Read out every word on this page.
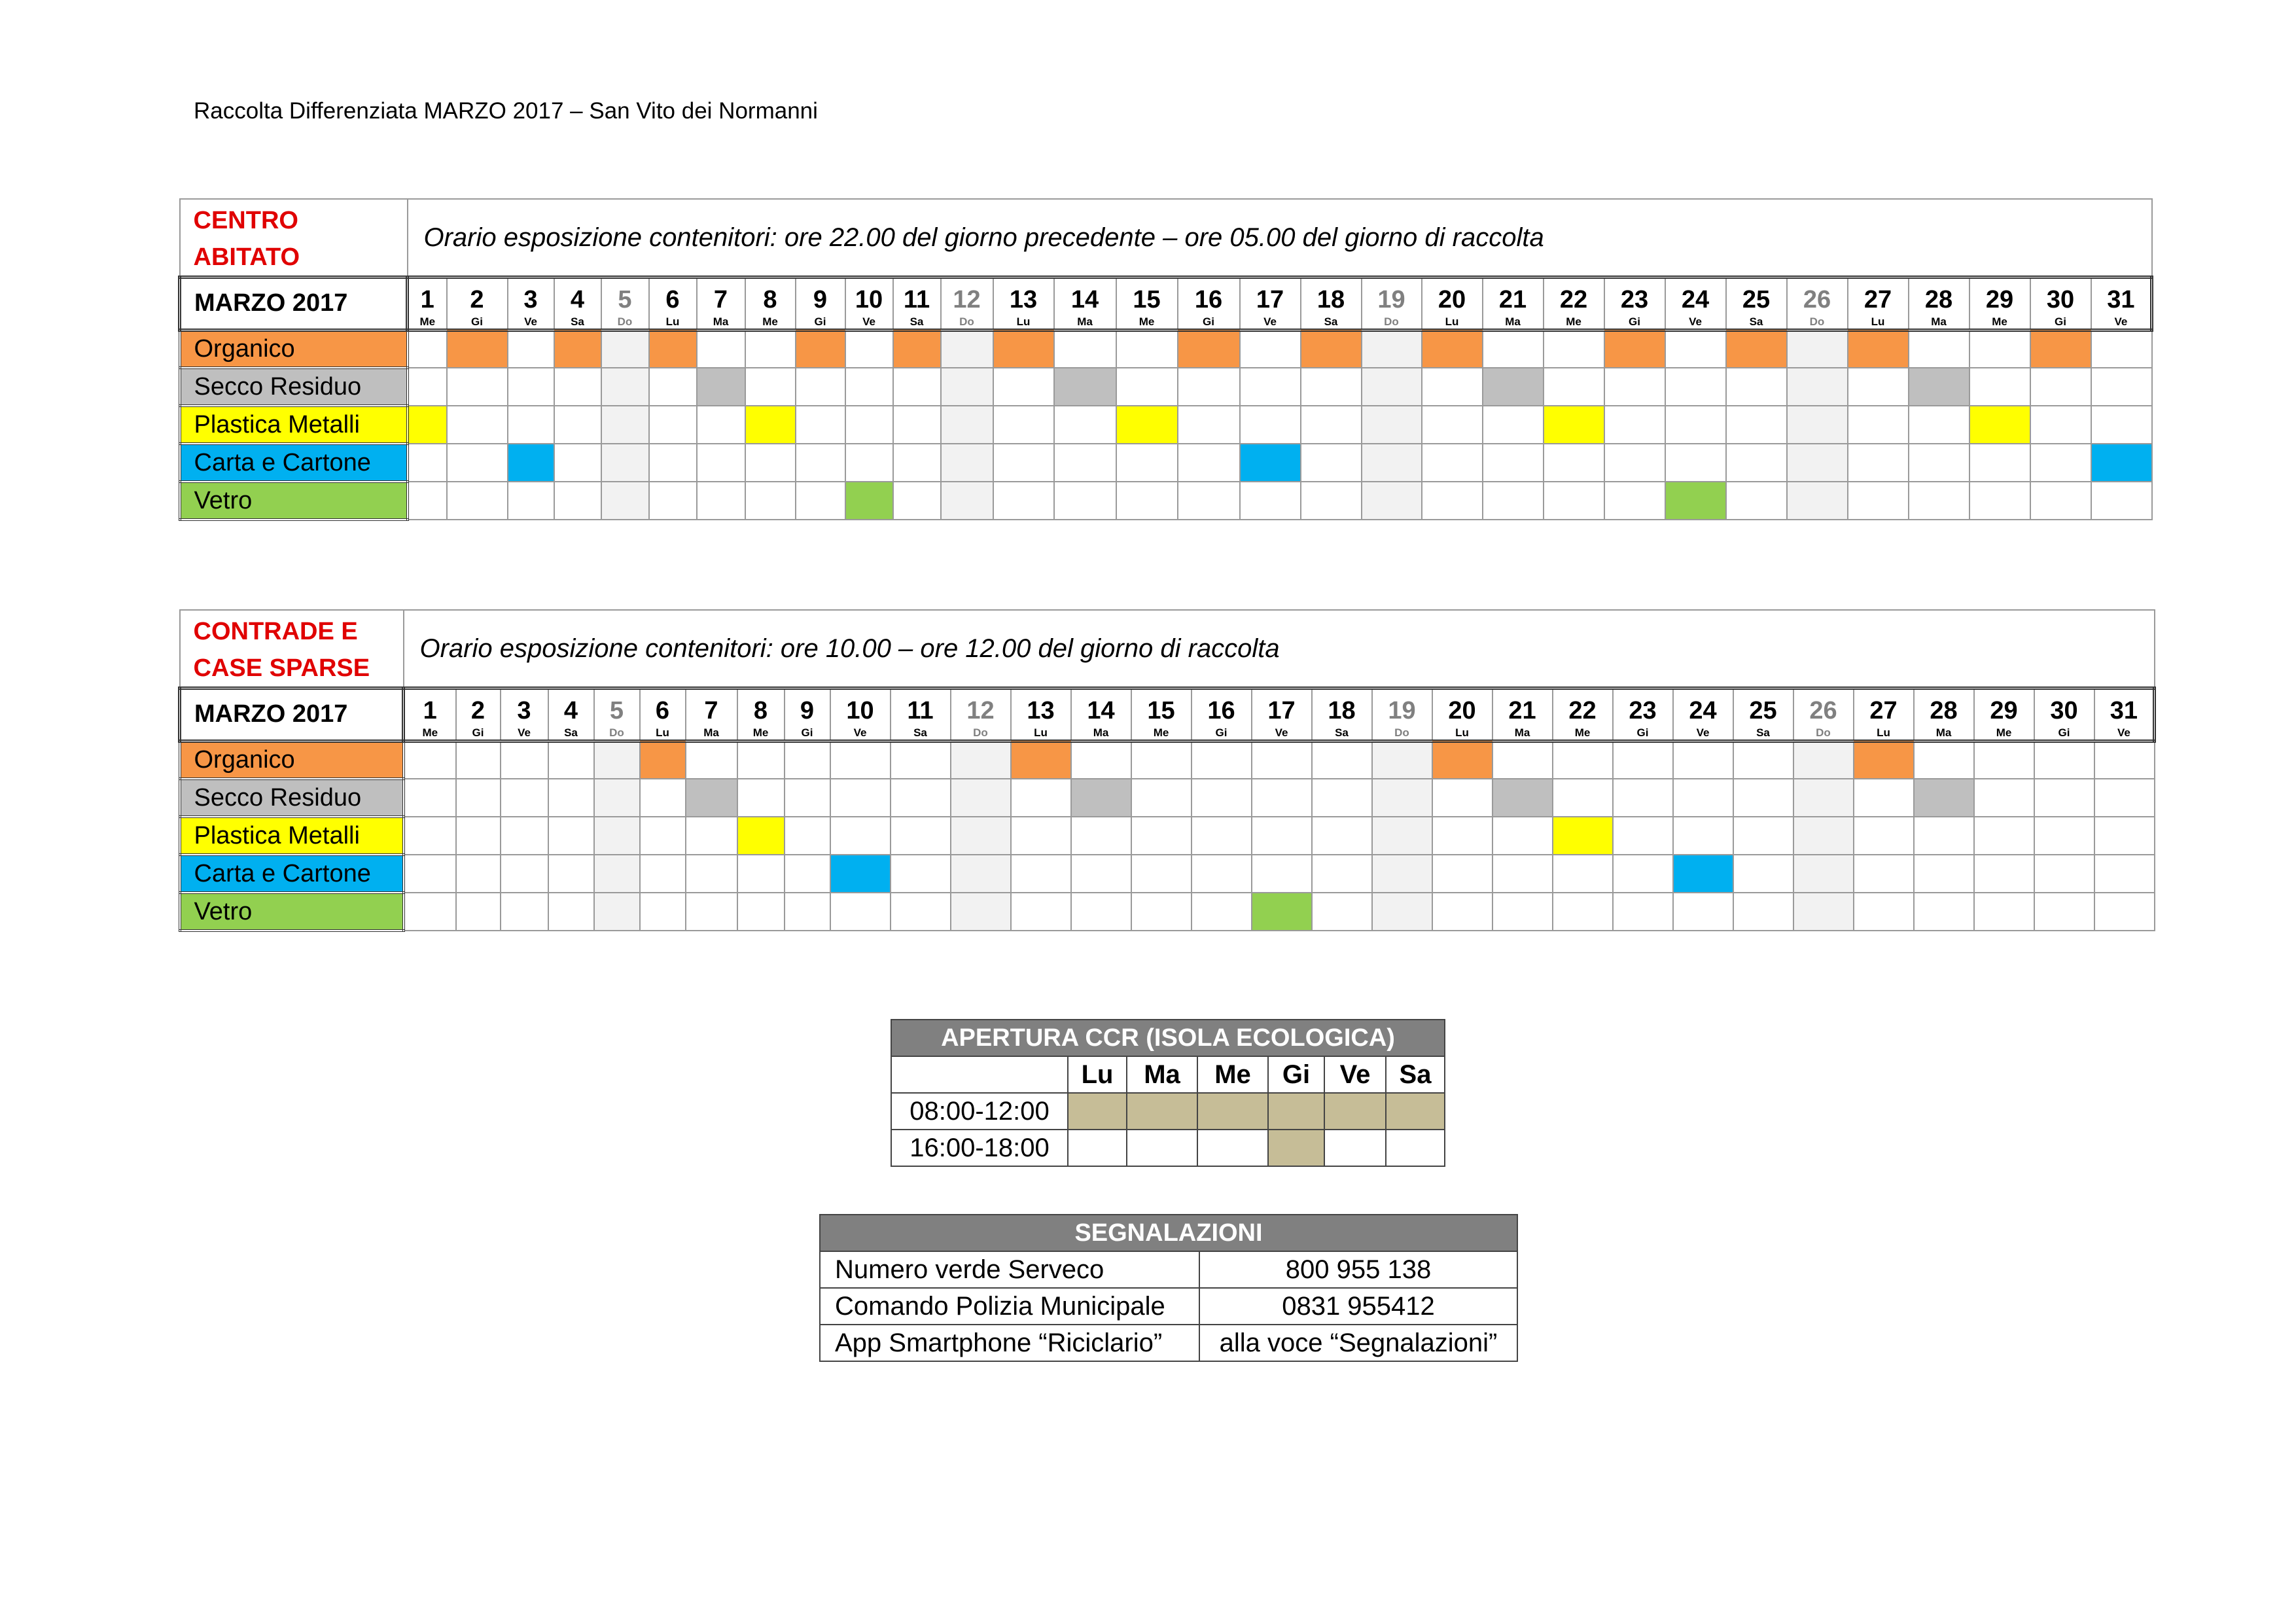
Raccolta Differenziata MARZO 2017 – San Vito dei Normanni
CENTRO
ABITATO	Orario esposizione contenitori: ore 22.00 del giorno precedente – ore 05.00 del giorno di raccolta																														
MARZO 2017	1	2	3	4	5	6	7	8	9	10	11	12	13	14	15	16	17	18	19	20	21	22	23	24	25	26	27	28	29	30	31
	Me	Gi	Ve	Sa	Do	Lu	Ma	Me	Gi	Ve	Sa	Do	Lu	Ma	Me	Gi	Ve	Sa	Do	Lu	Ma	Me	Gi	Ve	Sa	Do	Lu	Ma	Me	Gi	Ve
Organico																															
Secco Residuo																															
Plastica Metalli																															
Carta e Cartone																															
Vetro																															
CONTRADE E
CASE SPARSE	Orario esposizione contenitori: ore 10.00 – ore 12.00 del giorno di raccolta																														
MARZO 2017	1	2	3	4	5	6	7	8	9	10	11	12	13	14	15	16	17	18	19	20	21	22	23	24	25	26	27	28	29	30	31
	Me	Gi	Ve	Sa	Do	Lu	Ma	Me	Gi	Ve	Sa	Do	Lu	Ma	Me	Gi	Ve	Sa	Do	Lu	Ma	Me	Gi	Ve	Sa	Do	Lu	Ma	Me	Gi	Ve
Organico																															
Secco Residuo																															
Plastica Metalli																															
Carta e Cartone																															
Vetro																															
APERTURA CCR (ISOLA ECOLOGICA)						
	Lu	Ma	Me	Gi	Ve	Sa
08:00-12:00						
16:00-18:00						
SEGNALAZIONI	
Numero verde Serveco	800 955 138
Comando Polizia Municipale	0831 955412
App Smartphone “Riciclario”	alla voce “Segnalazioni”
